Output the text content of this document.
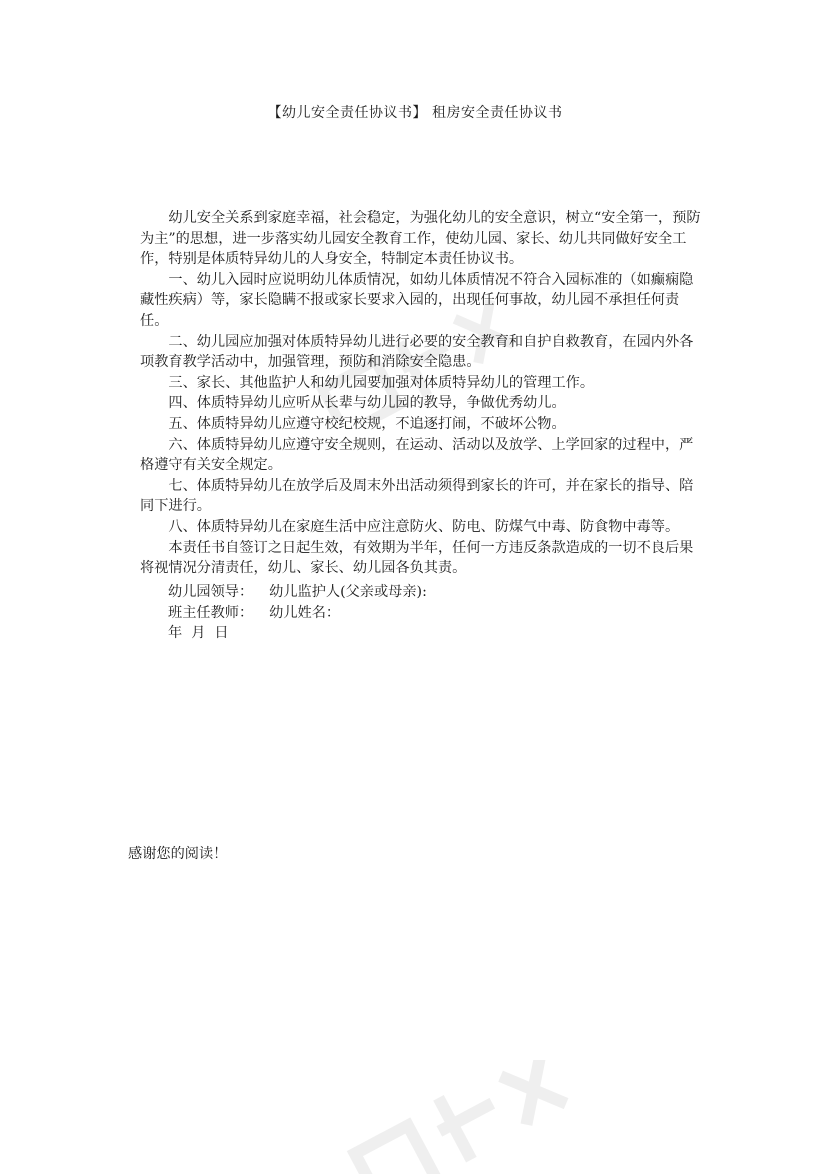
【幼儿安全责任协议书】 租房安全责任协议书

幼儿安全关系到家庭幸福，社会稳定，为强化幼儿的安全意识，树立“安全第一，预防为主”的思想，进一步落实幼儿园安全教育工作，使幼儿园、家长、幼儿共同做好安全工作，特别是体质特异幼儿的人身安全，特制定本责任协议书。

一、幼儿入园时应说明幼儿体质情况，如幼儿体质情况不符合入园标准的（如癫痫隐藏性疾病）等，家长隐瞒不报或家长要求入园的，出现任何事故，幼儿园不承担任何责任。

二、幼儿园应加强对体质特异幼儿进行必要的安全教育和自护自救教育，在园内外各项教育教学活动中，加强管理，预防和消除安全隐患。

三、家长、其他监护人和幼儿园要加强对体质特异幼儿的管理工作。

四、体质特异幼儿应听从长辈与幼儿园的教导，争做优秀幼儿。

五、体质特异幼儿应遵守校纪校规，不追逐打闹，不破坏公物。

六、体质特异幼儿应遵守安全规则，在运动、活动以及放学、上学回家的过程中，严格遵守有关安全规定。

七、体质特异幼儿在放学后及周末外出活动须得到家长的许可，并在家长的指导、陪同下进行。

八、体质特异幼儿在家庭生活中应注意防火、防电、防煤气中毒、防食物中毒等。

本责任书自签订之日起生效，有效期为半年，任何一方违反条款造成的一切不良后果将视情况分清责任，幼儿、家长、幼儿园各负其责。

幼儿园领导： 幼儿监护人(父亲或母亲):
班主任教师： 幼儿姓名：
年  月  日
感谢您的阅读！
